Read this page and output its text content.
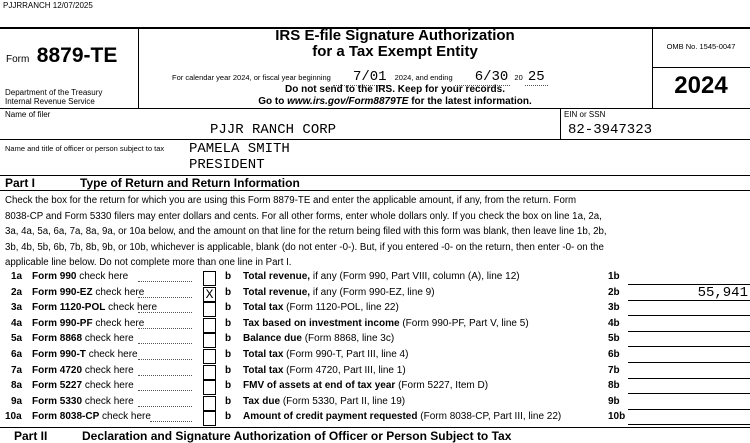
PJJRRANCH 12/07/2025
Form 8879-TE
Department of the Treasury
Internal Revenue Service
IRS E-file Signature Authorization
for a Tax Exempt Entity
For calendar year 2024, or fiscal year beginning 7/01 2024, and ending 6/30 20 25
Do not send to the IRS. Keep for your records.
Go to www.irs.gov/Form8879TE for the latest information.
OMB No. 1545-0047
2024
Name of filer
PJJR RANCH CORP
EIN or SSN
82-3947323
Name and title of officer or person subject to tax PAMELA SMITH
PRESIDENT
Part I	Type of Return and Return Information
Check the box for the return for which you are using this Form 8879-TE and enter the applicable amount, if any, from the return. Form
8038-CP and Form 5330 filers may enter dollars and cents. For all other forms, enter whole dollars only. If you check the box on line 1a, 2a,
3a, 4a, 5a, 6a, 7a, 8a, 9a, or 10a below, and the amount on that line for the return being filed with this form was blank, then leave line 1b, 2b,
3b, 4b, 5b, 6b, 7b, 8b, 9b, or 10b, whichever is applicable, blank (do not enter -0-). But, if you entered -0- on the return, then enter -0- on the
applicable line below. Do not complete more than one line in Part I.
1a Form 990 check here	b Total revenue, if any (Form 990, Part VIII, column (A), line 12)	1b
2a Form 990-EZ check here	X b Total revenue, if any (Form 990-EZ, line 9)	2b	55,941
3a Form 1120-POL check here	b Total tax (Form 1120-POL, line 22)	3b
4a Form 990-PF check here	b Tax based on investment income (Form 990-PF, Part V, line 5)	4b
5a Form 8868 check here	b Balance due (Form 8868, line 3c)	5b
6a Form 990-T check here	b Total tax (Form 990-T, Part III, line 4)	6b
7a Form 4720 check here	b Total tax (Form 4720, Part III, line 1)	7b
8a Form 5227 check here	b FMV of assets at end of tax year (Form 5227, Item D)	8b
9a Form 5330 check here	b Tax due (Form 5330, Part II, line 19)	9b
10a Form 8038-CP check here	b Amount of credit payment requested (Form 8038-CP, Part III, line 22)	10b
Part II	Declaration and Signature Authorization of Officer or Person Subject to Tax
